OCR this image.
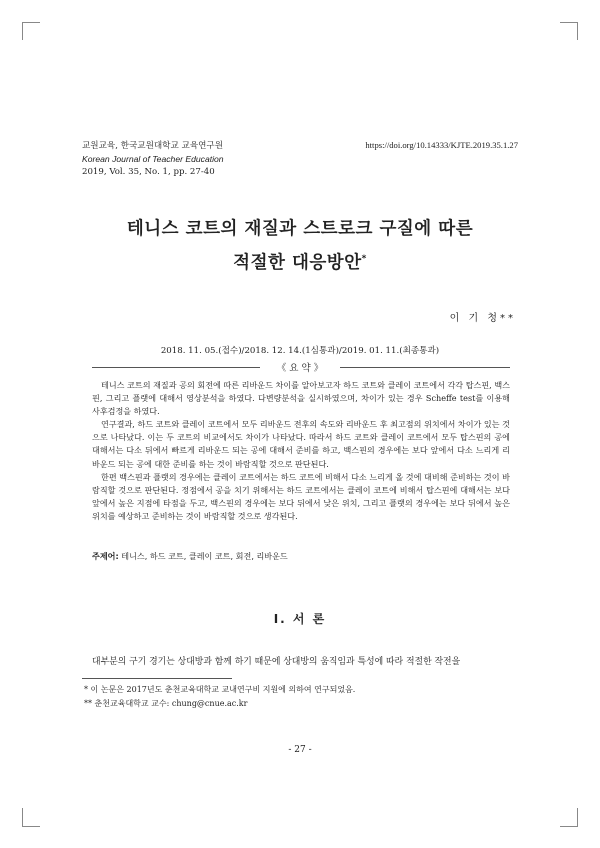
교원교육, 한국교원대학교 교육연구원
Korean Journal of Teacher Education
2019, Vol. 35, No. 1, pp. 27-40
https://doi.org/10.14333/KJTE.2019.35.1.27
테니스 코트의 재질과 스트로크 구질에 따른
적절한 대응방안*
이 기 청**
2018. 11. 05.(접수)/2018. 12. 14.(1심통과)/2019. 01. 11.(최종통과)
《 요 약 》

테니스 코트의 재질과 공의 회전에 따른 리바운드 차이를 알아보고자 하드 코트와 클레이 코트에서 각각 탑스핀, 백스핀, 그리고 플랫에 대해서 영상분석을 하였다. 다변량분석을 실시하였으며, 차이가 있는 경우 Scheffe test를 이용해 사후검정을 하였다.

연구결과, 하드 코트와 클레이 코트에서 모두 리바운드 전후의 속도와 리바운드 후 최고점의 위치에서 차이가 있는 것으로 나타났다. 이는 두 코트의 비교에서도 차이가 나타났다. 따라서 하드 코트와 클레이 코트에서 모두 탑스핀의 공에 대해서는 다소 뒤에서 빠르게 리바운드 되는 공에 대해서 준비를 하고, 백스핀의 경우에는 보다 앞에서 다소 느리게 리바운드 되는 공에 대한 준비를 하는 것이 바람직할 것으로 판단된다.

한편 백스핀과 플랫의 경우에는 클레이 코트에서는 하드 코트에 비해서 다소 느리게 올 것에 대비해 준비하는 것이 바람직할 것으로 판단된다. 정점에서 공을 치기 위해서는 하드 코트에서는 클레이 코트에 비해서 탑스핀에 대해서는 보다 앞에서 높은 지점에 타점을 두고, 백스핀의 경우에는 보다 뒤에서 낮은 위치, 그리고 플랫의 경우에는 보다 뒤에서 높은 위치를 예상하고 준비하는 것이 바람직할 것으로 생각된다.

주제어: 테니스, 하드 코트, 클레이 코트, 회전, 리바운드
Ⅰ. 서 론
대부분의 구기 경기는 상대방과 함께 하기 때문에 상대방의 움직임과 특성에 따라 적절한 작전을
* 이 논문은 2017년도 춘천교육대학교 교내연구비 지원에 의하여 연구되었음.
** 춘천교육대학교 교수: chung@cnue.ac.kr
- 27 -
